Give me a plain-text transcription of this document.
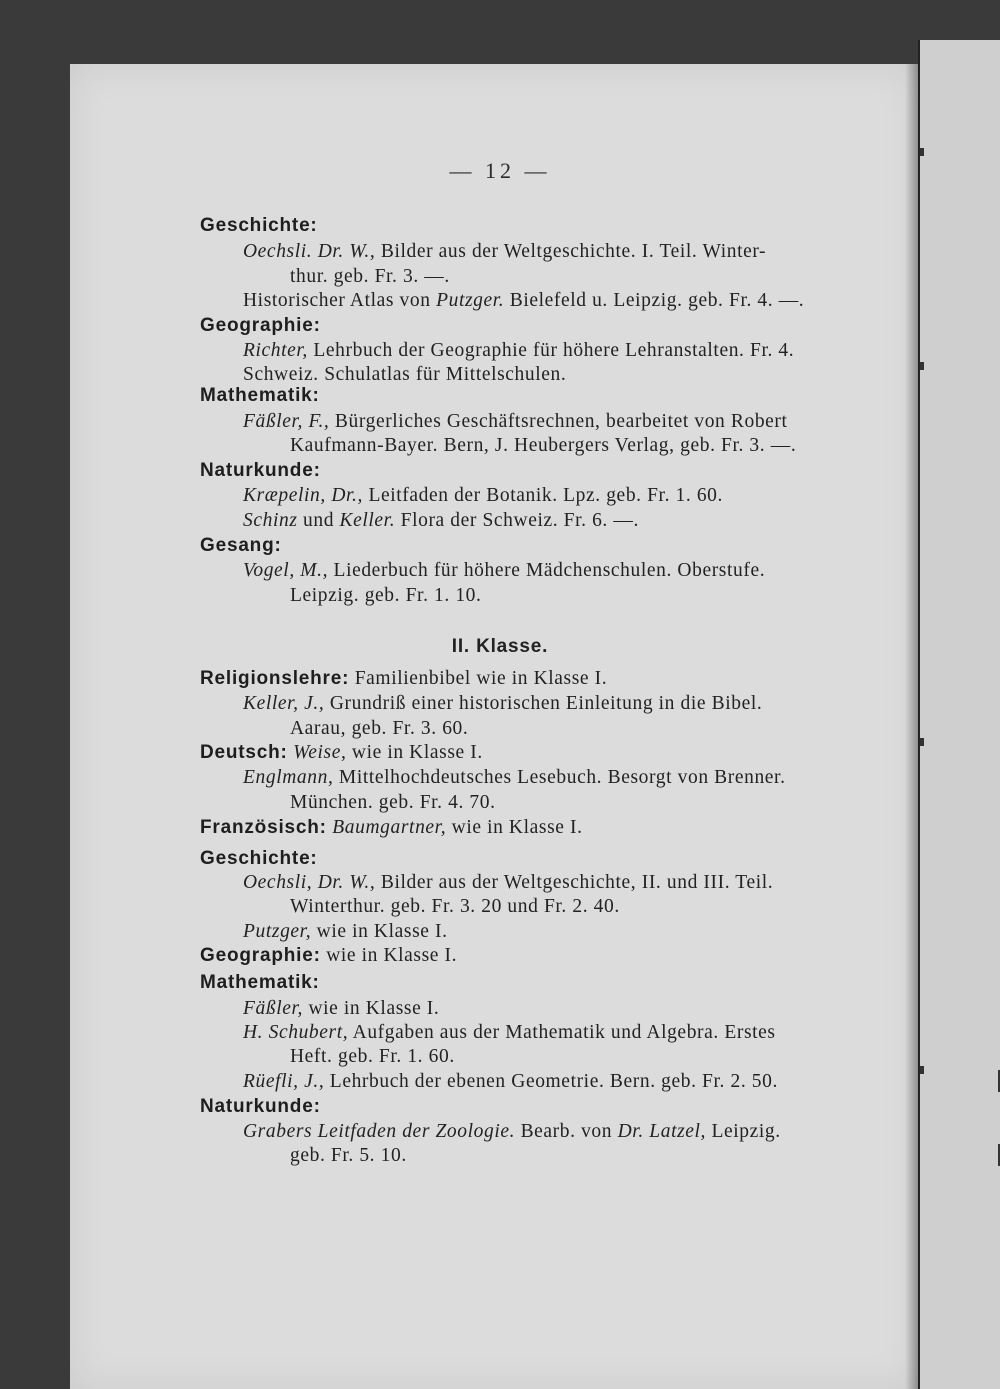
— 12 —
Geschichte:
Oechsli. Dr. W., Bilder aus der Weltgeschichte. I. Teil. Winter-
thur. geb. Fr. 3. —.
Historischer Atlas von Putzger. Bielefeld u. Leipzig. geb. Fr. 4. —.
Geographie:
Richter, Lehrbuch der Geographie für höhere Lehranstalten. Fr. 4.
Schweiz. Schulatlas für Mittelschulen.
Mathematik:
Fäßler, F., Bürgerliches Geschäftsrechnen, bearbeitet von Robert
Kaufmann-Bayer. Bern, J. Heubergers Verlag, geb. Fr. 3. —.
Naturkunde:
Kræpelin, Dr., Leitfaden der Botanik. Lpz. geb. Fr. 1. 60.
Schinz und Keller. Flora der Schweiz. Fr. 6. —.
Gesang:
Vogel, M., Liederbuch für höhere Mädchenschulen. Oberstufe.
Leipzig. geb. Fr. 1. 10.
II. Klasse.
Religionslehre: Familienbibel wie in Klasse I.
Keller, J., Grundriß einer historischen Einleitung in die Bibel.
Aarau, geb. Fr. 3. 60.
Deutsch: Weise, wie in Klasse I.
Englmann, Mittelhochdeutsches Lesebuch. Besorgt von Brenner.
München. geb. Fr. 4. 70.
Französisch: Baumgartner, wie in Klasse I.
Geschichte:
Oechsli, Dr. W., Bilder aus der Weltgeschichte, II. und III. Teil.
Winterthur. geb. Fr. 3. 20 und Fr. 2. 40.
Putzger, wie in Klasse I.
Geographie: wie in Klasse I.
Mathematik:
Fäßler, wie in Klasse I.
H. Schubert, Aufgaben aus der Mathematik und Algebra. Erstes
Heft. geb. Fr. 1. 60.
Rüefli, J., Lehrbuch der ebenen Geometrie. Bern. geb. Fr. 2. 50.
Naturkunde:
Grabers Leitfaden der Zoologie. Bearb. von Dr. Latzel, Leipzig.
geb. Fr. 5. 10.
